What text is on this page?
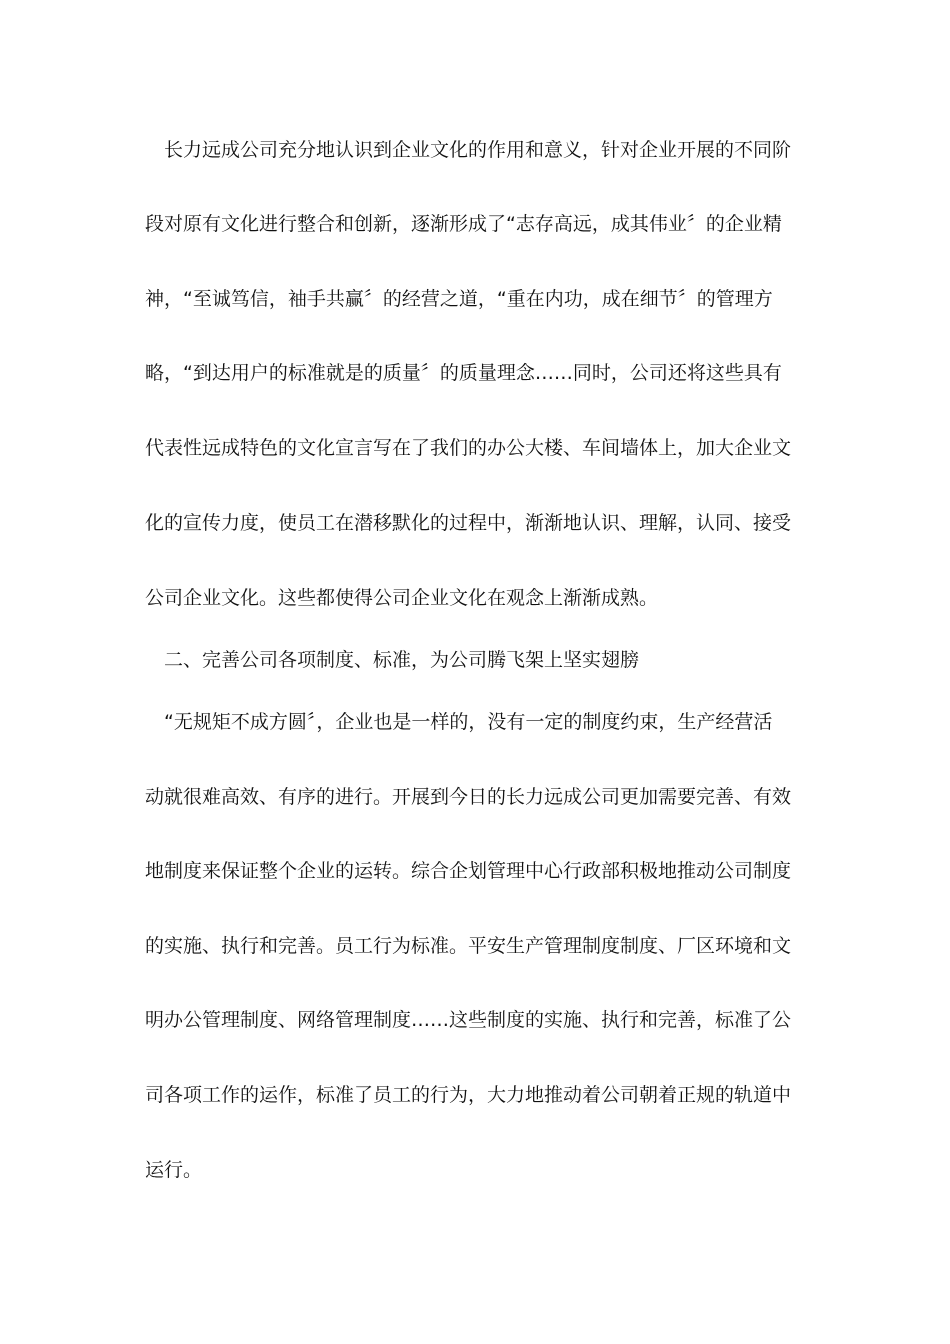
　长力远成公司充分地认识到企业文化的作用和意义，针对企业开展的不同阶
段对原有文化进行整合和创新，逐渐形成了“志存高远，成其伟业〞的企业精
神，“至诚笃信，袖手共赢〞的经营之道，“重在内功，成在细节〞的管理方
略，“到达用户的标准就是的质量〞的质量理念……同时，公司还将这些具有
代表性远成特色的文化宣言写在了我们的办公大楼、车间墙体上，加大企业文
化的宣传力度，使员工在潜移默化的过程中，渐渐地认识、理解，认同、接受
公司企业文化。这些都使得公司企业文化在观念上渐渐成熟。
　二、完善公司各项制度、标准，为公司腾飞架上坚实翅膀
　“无规矩不成方圆〞，企业也是一样的，没有一定的制度约束，生产经营活
动就很难高效、有序的进行。开展到今日的长力远成公司更加需要完善、有效
地制度来保证整个企业的运转。综合企划管理中心行政部积极地推动公司制度
的实施、执行和完善。员工行为标准。平安生产管理制度制度、厂区环境和文
明办公管理制度、网络管理制度……这些制度的实施、执行和完善，标准了公
司各项工作的运作，标准了员工的行为，大力地推动着公司朝着正规的轨道中
运行。
